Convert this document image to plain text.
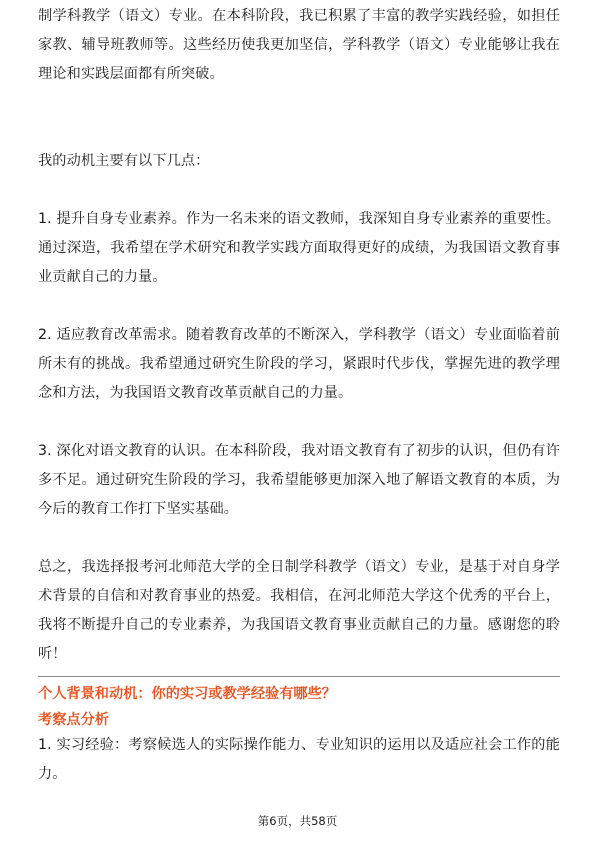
制学科教学（语文）专业。在本科阶段，我已积累了丰富的教学实践经验，如担任家教、辅导班教师等。这些经历使我更加坚信，学科教学（语文）专业能够让我在理论和实践层面都有所突破。

我的动机主要有以下几点：

1. 提升自身专业素养。作为一名未来的语文教师，我深知自身专业素养的重要性。通过深造，我希望在学术研究和教学实践方面取得更好的成绩，为我国语文教育事业贡献自己的力量。

2. 适应教育改革需求。随着教育改革的不断深入，学科教学（语文）专业面临着前所未有的挑战。我希望通过研究生阶段的学习，紧跟时代步伐，掌握先进的教学理念和方法，为我国语文教育改革贡献自己的力量。

3. 深化对语文教育的认识。在本科阶段，我对语文教育有了初步的认识，但仍有许多不足。通过研究生阶段的学习，我希望能够更加深入地了解语文教育的本质，为今后的教育工作打下坚实基础。

总之，我选择报考河北师范大学的全日制学科教学（语文）专业，是基于对自身学术背景的自信和对教育事业的热爱。我相信，在河北师范大学这个优秀的平台上，我将不断提升自己的专业素养，为我国语文教育事业贡献自己的力量。感谢您的聆听！

个人背景和动机：你的实习或教学经验有哪些？

考察点分析

1. 实习经验：考察候选人的实际操作能力、专业知识的运用以及适应社会工作的能力。

第6页，共58页
